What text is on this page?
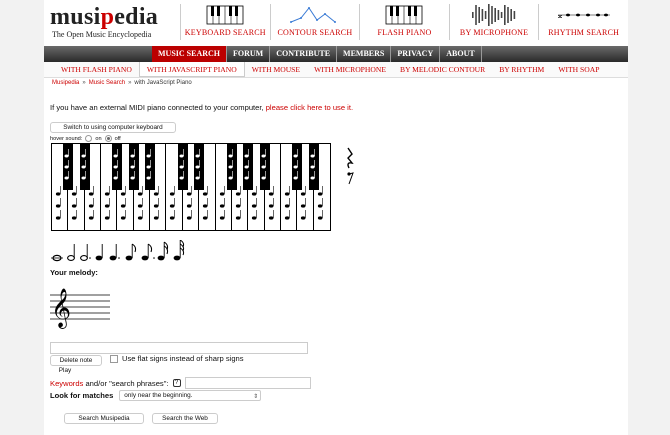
musipedia
The Open Music Encyclopedia	KEYBOARD SEARCH	CONTOUR SEARCH	FLASH PIANO	BY MICROPHONE
𝄪
RHYTHM SEARCH
MUSIC SEARCH	FORUM	CONTRIBUTE	MEMBERS	PRIVACY	ABOUT
WITH FLASH PIANO	WITH JAVASCRIPT PIANO	WITH MOUSE	WITH MICROPHONE	BY MELODIC CONTOUR	BY RHYTHM	WITH SOAP
Musipedia » Music Search » with JavaScript Piano
If you have an external MIDI piano connected to your computer, please click here to use it.
Switch to using computer keyboard
hover sound: on off
Your melody:
𝄞
Delete note	Use flat signs instead of sharp signs
Play
Keywords and/or "search phrases":	?
Look for matches	only near the beginning.	⇕
Search Musipedia	Search the Web
